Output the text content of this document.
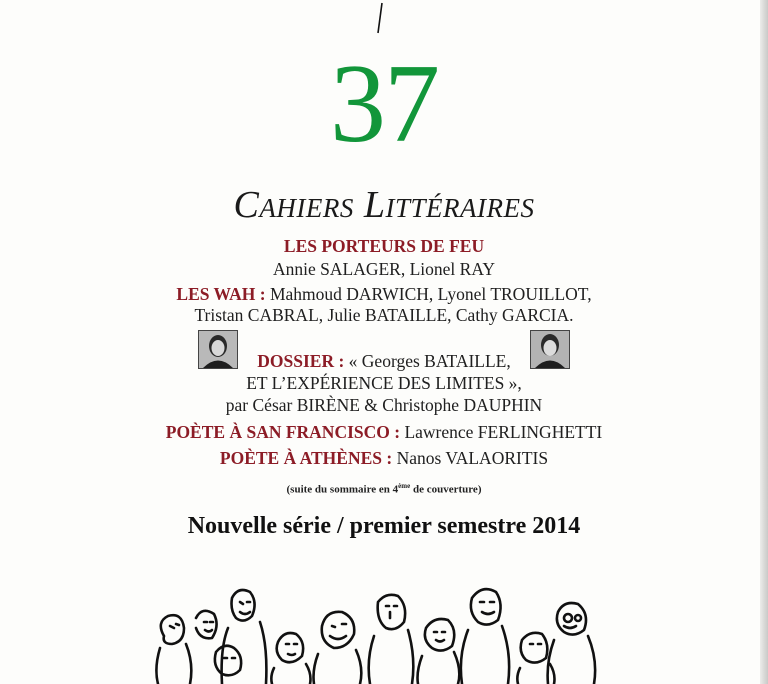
37
Cahiers Littéraires
LES PORTEURS DE FEU
Annie SALAGER, Lionel RAY
LES WAH : Mahmoud DARWICH, Lyonel TROUILLOT,
Tristan CABRAL, Julie BATAILLE, Cathy GARCIA.
DOSSIER : « Georges BATAILLE,
ET L’EXPÉRIENCE DES LIMITES »,
par César BIRÈNE & Christophe DAUPHIN
POÈTE À SAN FRANCISCO : Lawrence FERLINGHETTI
POÈTE À ATHÈNES : Nanos VALAORITIS
(suite du sommaire en 4ème de couverture)
Nouvelle série / premier semestre 2014
